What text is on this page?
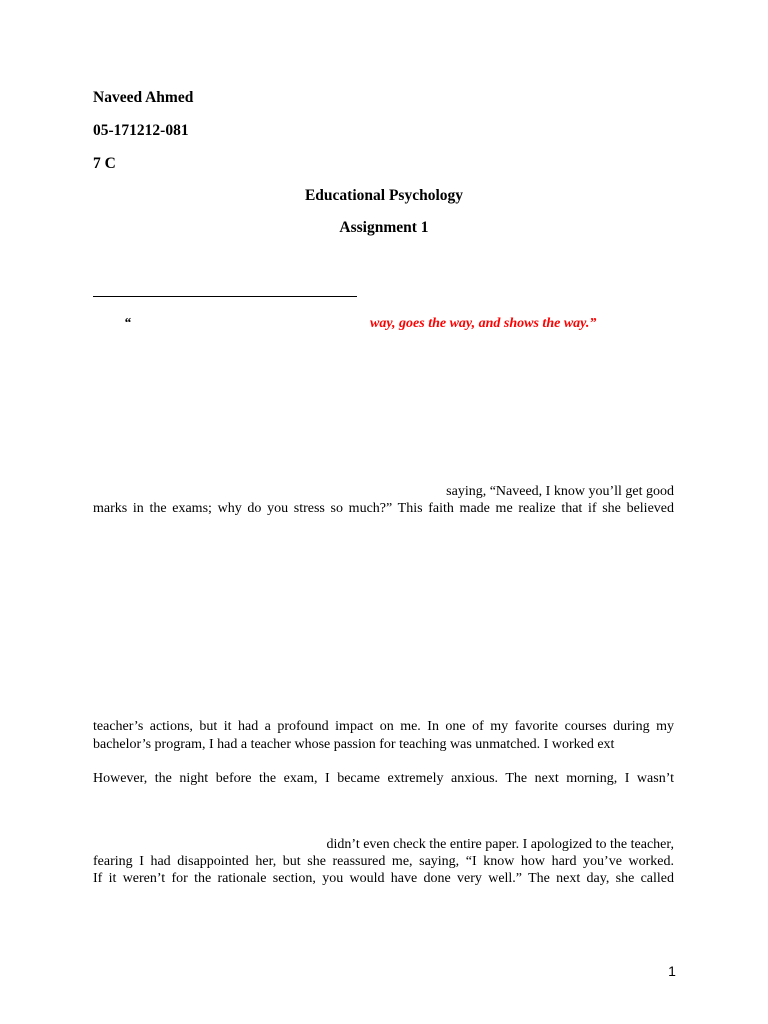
Naveed Ahmed
05-171212-081
7 C
Educational Psychology
Assignment 1
“	way, goes the way, and shows the way.”
saying, “Naveed, I know you’ll get good
marks in the exams; why do you stress so much?” This faith made me realize that if she believed
teacher’s actions, but it had a profound impact on me. In one of my favorite courses during my
bachelor’s program, I had a teacher whose passion for teaching was unmatched. I worked ext
However, the night before the exam, I became extremely anxious. The next morning, I wasn’t
didn’t even check the entire paper. I apologized to the teacher,
fearing I had disappointed her, but she reassured me, saying, “I know how hard you’ve worked.
If it weren’t for the rationale section, you would have done very well.” The next day, she called
1
